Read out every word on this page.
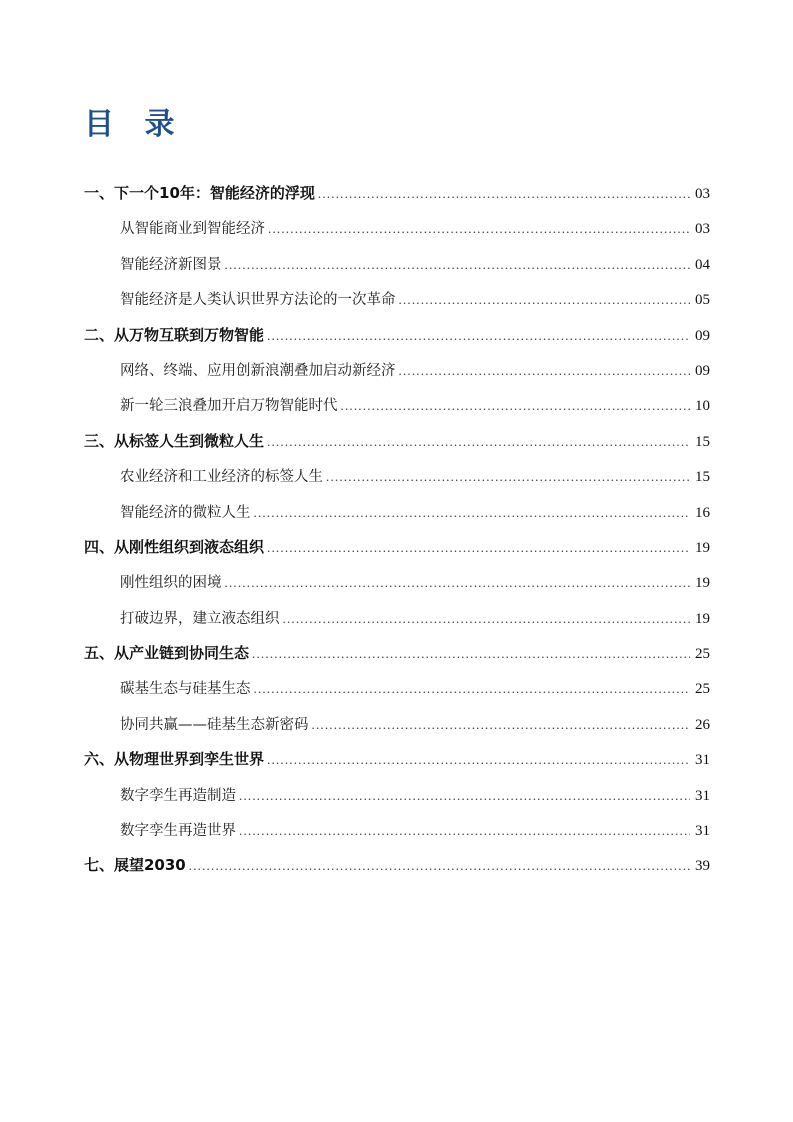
目 录
一、下一个10年：智能经济的浮现 .....	03
从智能商业到智能经济 .....	03
智能经济新图景 .....	04
智能经济是人类认识世界方法论的一次革命 .....	05
二、从万物互联到万物智能 .....	09
网络、终端、应用创新浪潮叠加启动新经济 .....	09
新一轮三浪叠加开启万物智能时代 .....	10
三、从标签人生到微粒人生 .....	15
农业经济和工业经济的标签人生 .....	15
智能经济的微粒人生 .....	16
四、从刚性组织到液态组织 .....	19
刚性组织的困境 .....	19
打破边界，建立液态组织 .....	19
五、从产业链到协同生态 .....	25
碳基生态与硅基生态 .....	25
协同共赢——硅基生态新密码 .....	26
六、从物理世界到孪生世界 .....	31
数字孪生再造制造 .....	31
数字孪生再造世界 .....	31
七、展望2030 .....	39
